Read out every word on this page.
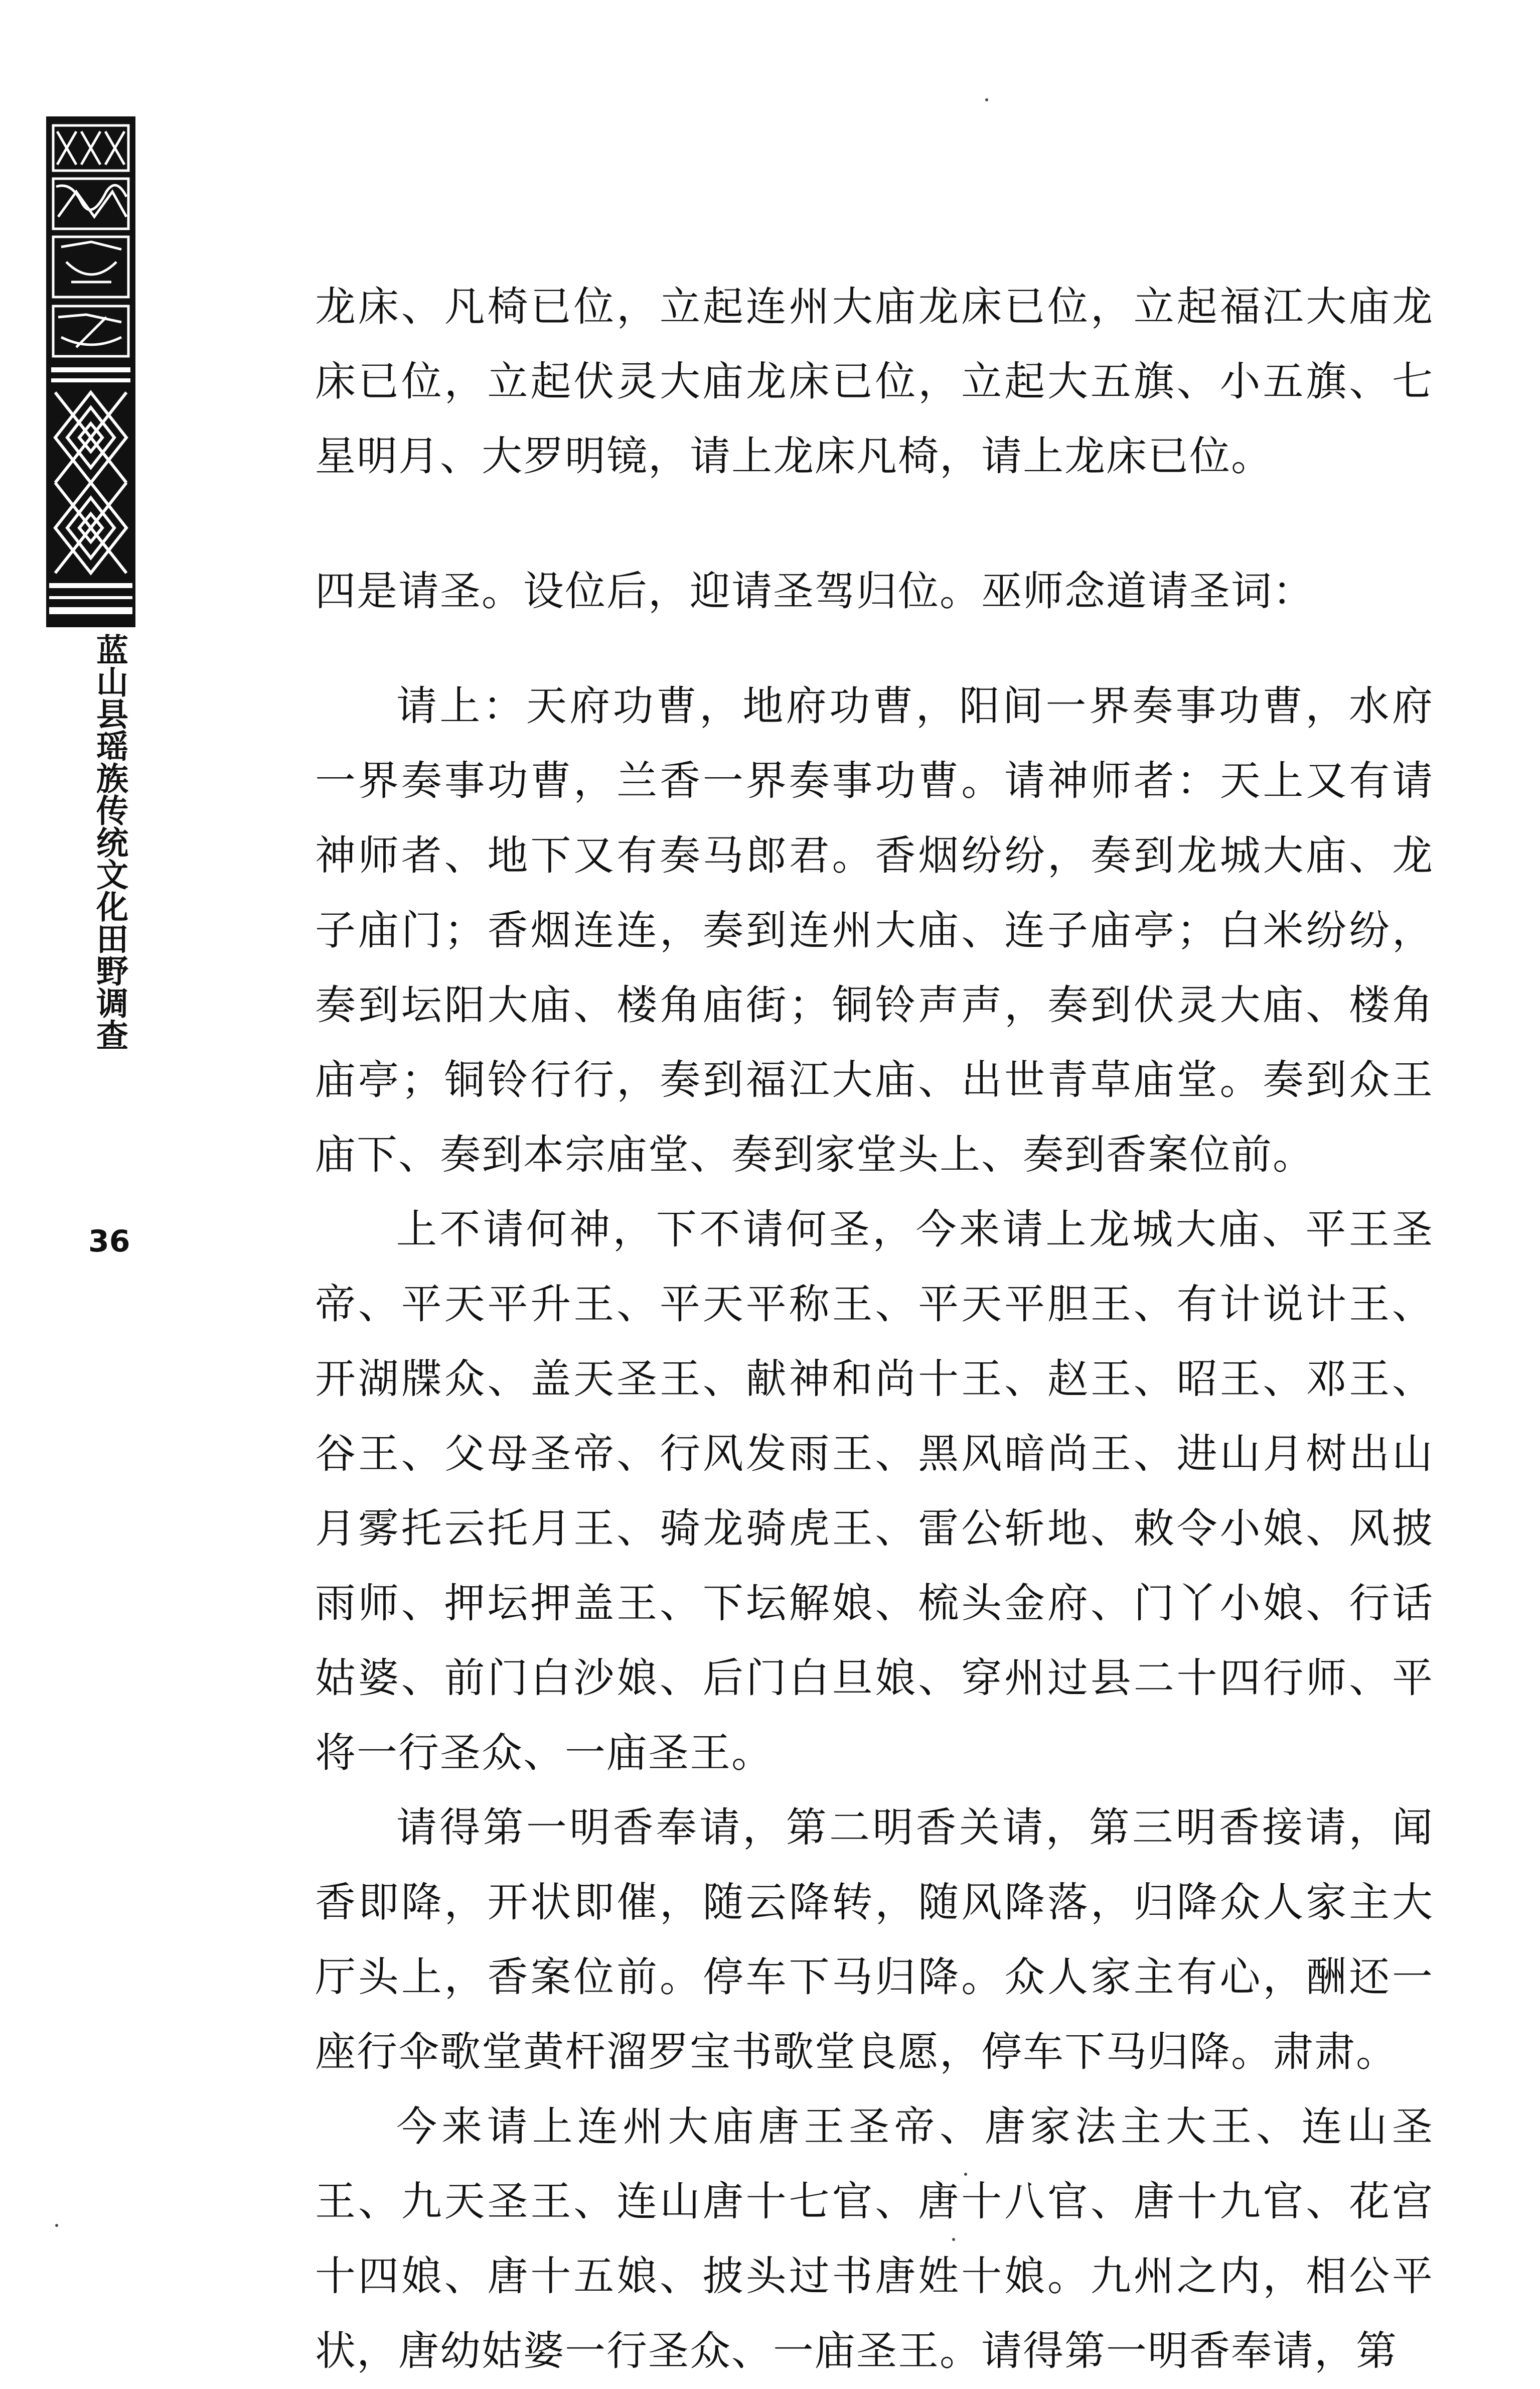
蓝山县瑶族传统文化田野调查
36

龙床、凡椅已位，立起连州大庙龙床已位，立起福江大庙龙床已位，立起伏灵大庙龙床已位，立起大五旗、小五旗、七星明月、大罗明镜，请上龙床凡椅，请上龙床已位。

四是请圣。设位后，迎请圣驾归位。巫师念道请圣词：

请上：天府功曹，地府功曹，阳间一界奏事功曹，水府一界奏事功曹，兰香一界奏事功曹。请神师者：天上又有请神师者、地下又有奏马郎君。香烟纷纷，奏到龙城大庙、龙子庙门；香烟连连，奏到连州大庙、连子庙亭；白米纷纷，奏到坛阳大庙、楼角庙街；铜铃声声，奏到伏灵大庙、楼角庙亭；铜铃行行，奏到福江大庙、出世青草庙堂。奏到众王庙下、奏到本宗庙堂、奏到家堂头上、奏到香案位前。

上不请何神，下不请何圣，今来请上龙城大庙、平王圣帝、平天平升王、平天平称王、平天平胆王、有计说计王、开湖牒众、盖天圣王、献神和尚十王、赵王、昭王、邓王、谷王、父母圣帝、行风发雨王、黑风暗尚王、进山月树出山月雾托云托月王、骑龙骑虎王、雷公斩地、敕令小娘、风披雨师、押坛押盖王、下坛解娘、梳头金府、门丫小娘、行话姑婆、前门白沙娘、后门白旦娘、穿州过县二十四行师、平将一行圣众、一庙圣王。

请得第一明香奉请，第二明香关请，第三明香接请，闻香即降，开状即催，随云降转，随风降落，归降众人家主大厅头上，香案位前。停车下马归降。众人家主有心，酬还一座行伞歌堂黄杆溜罗宝书歌堂良愿，停车下马归降。肃肃。

今来请上连州大庙唐王圣帝、唐家法主大王、连山圣王、九天圣王、连山唐十七官、唐十八官、唐十九官、花宫十四娘、唐十五娘、披头过书唐姓十娘。九州之内，相公平状，唐幼姑婆一行圣众、一庙圣王。请得第一明香奉请，第
